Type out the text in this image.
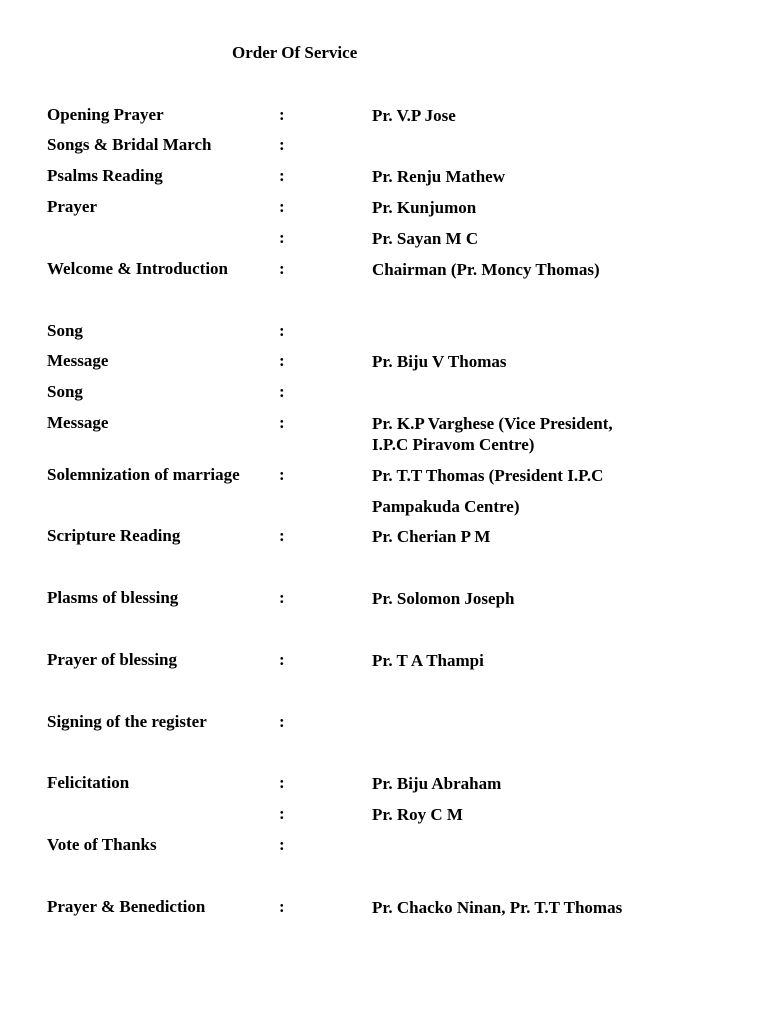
Order Of Service
Opening Prayer	:	Pr. V.P Jose
Songs & Bridal March	:
Psalms Reading	:	Pr. Renju Mathew
Prayer	:	Pr. Kunjumon
:	Pr. Sayan M C
Welcome & Introduction	:	Chairman (Pr. Moncy Thomas)
Song	:
Message	:	Pr. Biju V Thomas
Song	:
Message	:	Pr. K.P Varghese (Vice President,
I.P.C Piravom Centre)
Solemnization of marriage :	Pr. T.T Thomas (President I.P.C
Pampakuda Centre)
Scripture Reading	:	Pr. Cherian P M
Plasms of blessing	:	Pr. Solomon Joseph
Prayer of blessing	:	Pr. T A Thampi
Signing of the register	:
Felicitation	:	Pr. Biju Abraham
:	Pr. Roy C M
Vote of Thanks	:
Prayer & Benediction	:	Pr. Chacko Ninan, Pr. T.T Thomas
